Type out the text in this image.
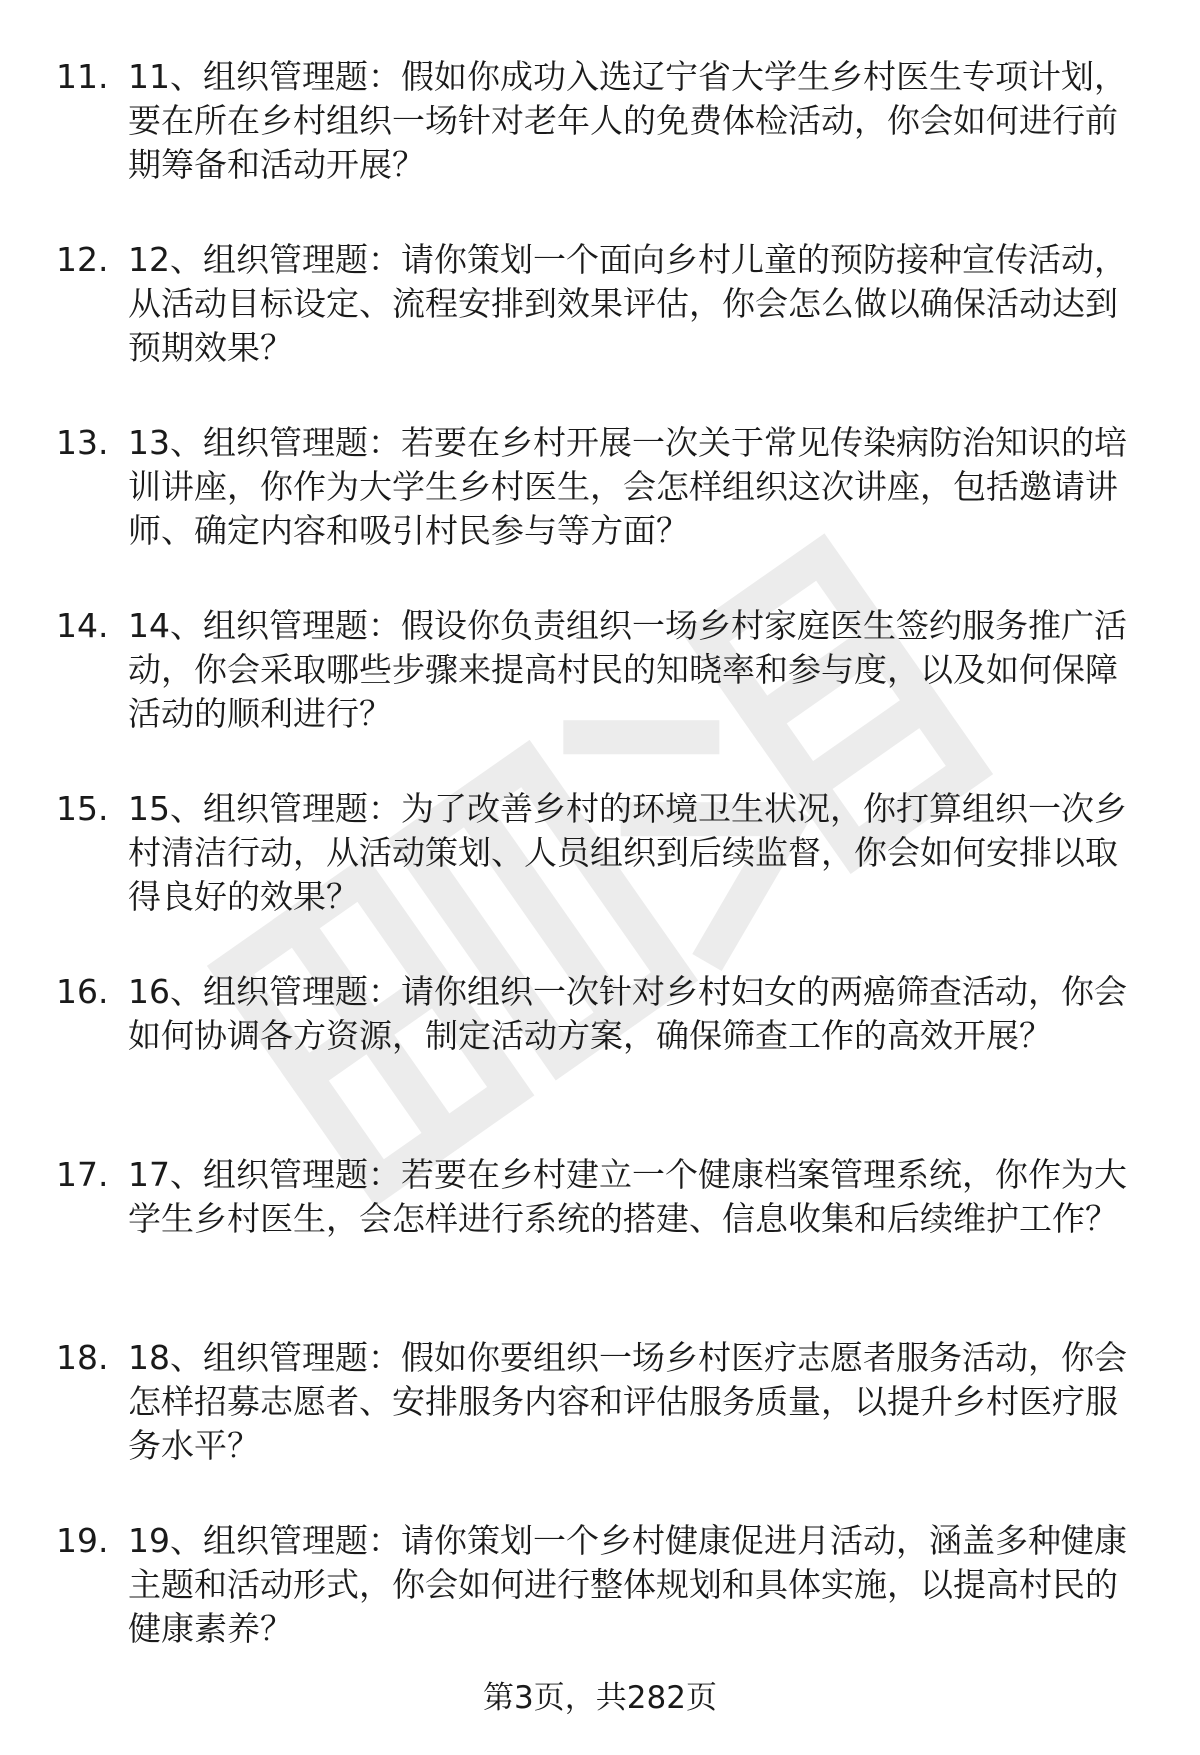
11. 11、组织管理题：假如你成功入选辽宁省大学生乡村医生专项计划，要在所在乡村组织一场针对老年人的免费体检活动，你会如何进行前期筹备和活动开展？
12. 12、组织管理题：请你策划一个面向乡村儿童的预防接种宣传活动，从活动目标设定、流程安排到效果评估，你会怎么做以确保活动达到预期效果？
13. 13、组织管理题：若要在乡村开展一次关于常见传染病防治知识的培训讲座，你作为大学生乡村医生，会怎样组织这次讲座，包括邀请讲师、确定内容和吸引村民参与等方面？
14. 14、组织管理题：假设你负责组织一场乡村家庭医生签约服务推广活动，你会采取哪些步骤来提高村民的知晓率和参与度，以及如何保障活动的顺利进行？
15. 15、组织管理题：为了改善乡村的环境卫生状况，你打算组织一次乡村清洁行动，从活动策划、人员组织到后续监督，你会如何安排以取得良好的效果？
16. 16、组织管理题：请你组织一次针对乡村妇女的两癌筛查活动，你会如何协调各方资源，制定活动方案，确保筛查工作的高效开展？
17. 17、组织管理题：若要在乡村建立一个健康档案管理系统，你作为大学生乡村医生，会怎样进行系统的搭建、信息收集和后续维护工作？
18. 18、组织管理题：假如你要组织一场乡村医疗志愿者服务活动，你会怎样招募志愿者、安排服务内容和评估服务质量，以提升乡村医疗服务水平？
19. 19、组织管理题：请你策划一个乡村健康促进月活动，涵盖多种健康主题和活动形式，你会如何进行整体规划和具体实施，以提高村民的健康素养？
第3页，共282页
